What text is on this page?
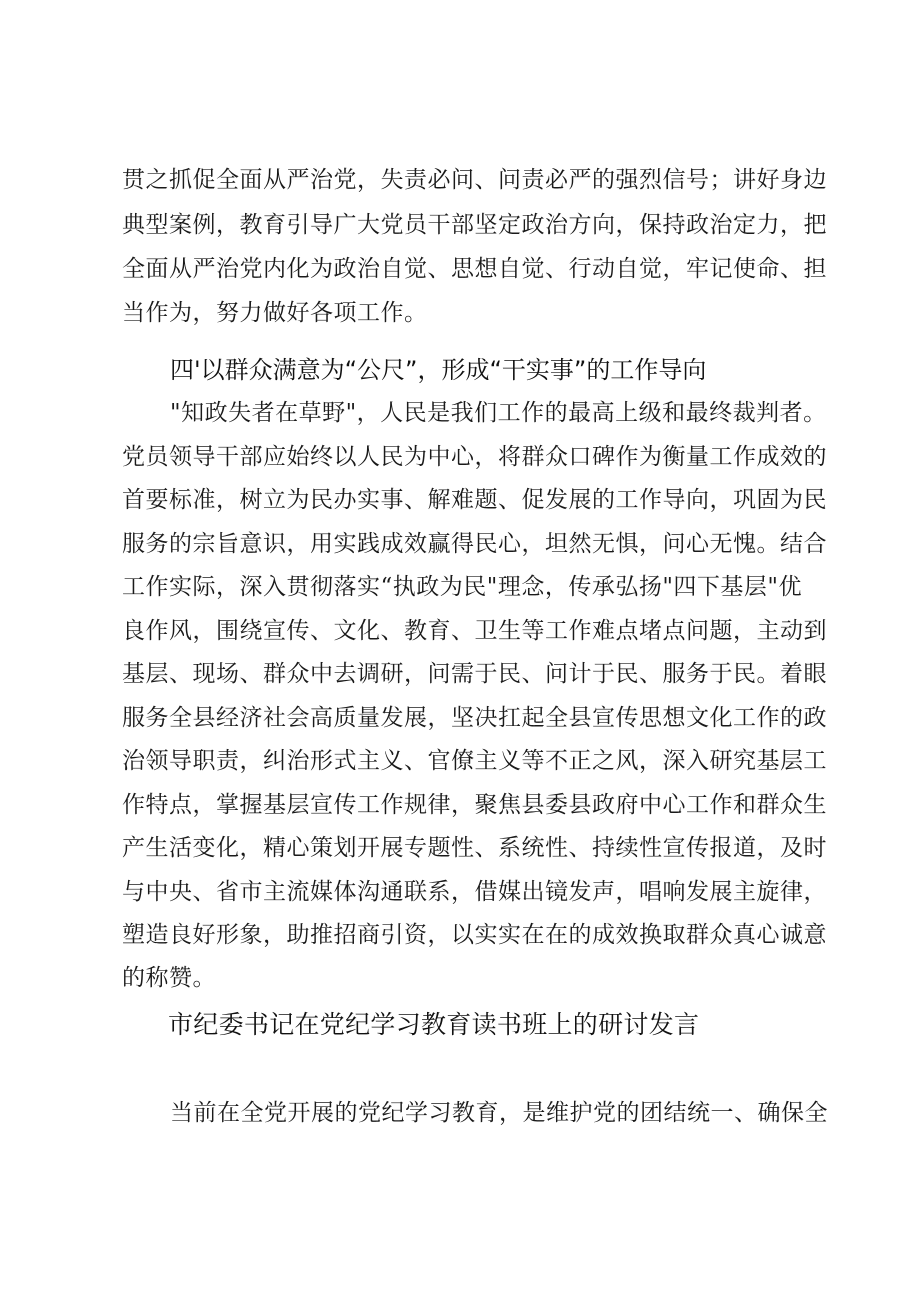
贯之抓促全面从严治党，失责必问、问责必严的强烈信号；讲好身边
典型案例，教育引导广大党员干部坚定政治方向，保持政治定力，把
全面从严治党内化为政治自觉、思想自觉、行动自觉，牢记使命、担
当作为，努力做好各项工作。
四'以群众满意为“公尺”，形成“干实事”的工作导向
"知政失者在草野"，人民是我们工作的最高上级和最终裁判者。
党员领导干部应始终以人民为中心，将群众口碑作为衡量工作成效的
首要标准，树立为民办实事、解难题、促发展的工作导向，巩固为民
服务的宗旨意识，用实践成效赢得民心，坦然无惧，问心无愧。结合
工作实际，深入贯彻落实“执政为民"理念，传承弘扬"四下基层"优
良作风，围绕宣传、文化、教育、卫生等工作难点堵点问题，主动到
基层、现场、群众中去调研，问需于民、问计于民、服务于民。着眼
服务全县经济社会高质量发展，坚决扛起全县宣传思想文化工作的政
治领导职责，纠治形式主义、官僚主义等不正之风，深入研究基层工
作特点，掌握基层宣传工作规律，聚焦县委县政府中心工作和群众生
产生活变化，精心策划开展专题性、系统性、持续性宣传报道，及时
与中央、省市主流媒体沟通联系，借媒出镜发声，唱响发展主旋律，
塑造良好形象，助推招商引资，以实实在在的成效换取群众真心诚意
的称赞。
市纪委书记在党纪学习教育读书班上的研讨发言
当前在全党开展的党纪学习教育，是维护党的团结统一、确保全
